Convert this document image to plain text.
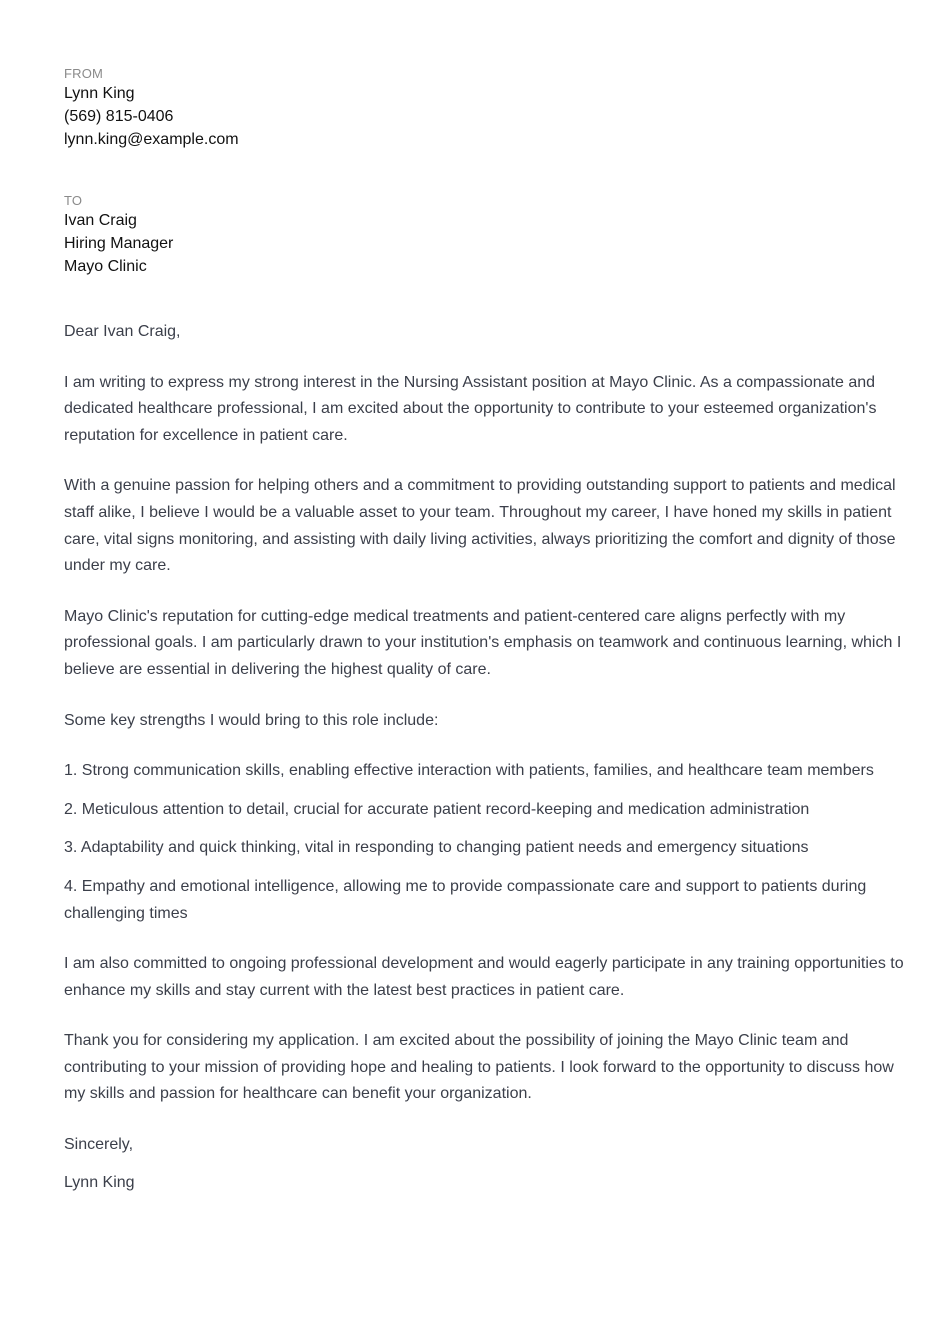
FROM

Lynn King

(569) 815-0406

lynn.king@example.com

TO

Ivan Craig

Hiring Manager

Mayo Clinic

Dear Ivan Craig,

I am writing to express my strong interest in the Nursing Assistant position at Mayo Clinic. As a compassionate and dedicated healthcare professional, I am excited about the opportunity to contribute to your esteemed organization's reputation for excellence in patient care.

With a genuine passion for helping others and a commitment to providing outstanding support to patients and medical staff alike, I believe I would be a valuable asset to your team. Throughout my career, I have honed my skills in patient care, vital signs monitoring, and assisting with daily living activities, always prioritizing the comfort and dignity of those under my care.

Mayo Clinic's reputation for cutting-edge medical treatments and patient-centered care aligns perfectly with my professional goals. I am particularly drawn to your institution's emphasis on teamwork and continuous learning, which I believe are essential in delivering the highest quality of care.

Some key strengths I would bring to this role include:

1. Strong communication skills, enabling effective interaction with patients, families, and healthcare team members

2. Meticulous attention to detail, crucial for accurate patient record-keeping and medication administration

3. Adaptability and quick thinking, vital in responding to changing patient needs and emergency situations

4. Empathy and emotional intelligence, allowing me to provide compassionate care and support to patients during challenging times

I am also committed to ongoing professional development and would eagerly participate in any training opportunities to enhance my skills and stay current with the latest best practices in patient care.

Thank you for considering my application. I am excited about the possibility of joining the Mayo Clinic team and contributing to your mission of providing hope and healing to patients. I look forward to the opportunity to discuss how my skills and passion for healthcare can benefit your organization.

Sincerely,

Lynn King
